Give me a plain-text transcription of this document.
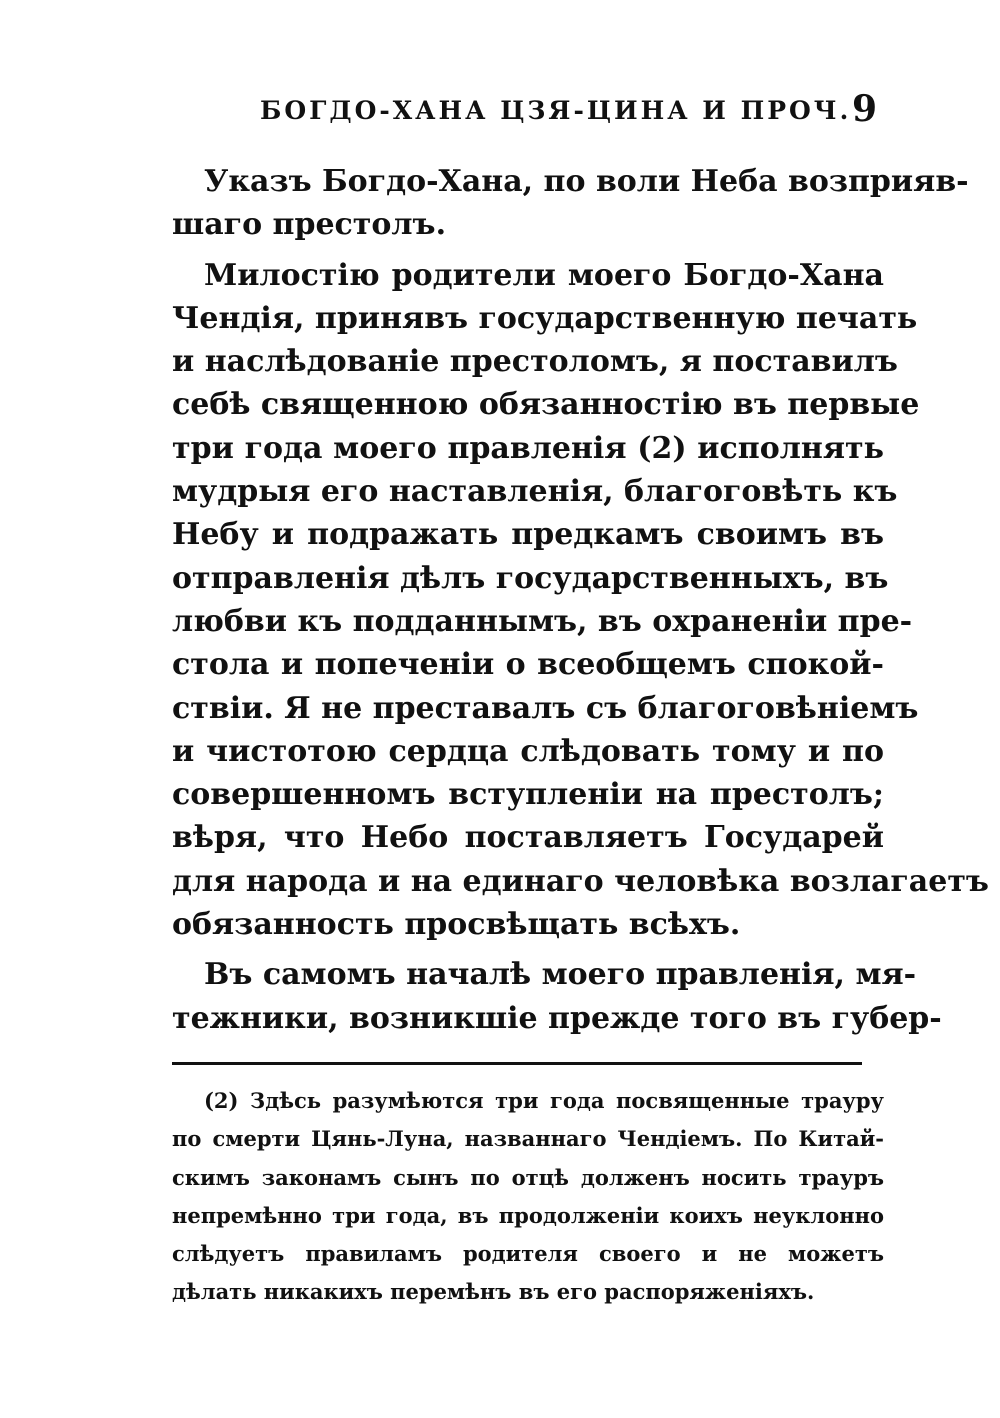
БОГДО-ХАНА ЦЗЯ-ЦИНА И ПРОЧ. 9
Указъ Богдо-Хана, по воли Неба возприяв-
шаго престолъ.
Милостію родители моего Богдо-Хана
Чендія, принявъ государственную печать
и наслѣдованіе престоломъ, я поставилъ
себѣ священною обязанностію въ первые
три года моего правленія (2) исполнять
мудрыя его наставленія, благоговѣть къ
Небу и подражать предкамъ своимъ въ
отправленія дѣлъ государственныхъ, въ
любви къ подданнымъ, въ охраненіи пре-
стола и попеченіи о всеобщемъ спокой-
ствіи. Я не преставалъ съ благоговѣніемъ
и чистотою сердца слѣдовать тому и по
совершенномъ вступленіи на престолъ;
вѣря, что Небо поставляетъ Государей
для народа и на единаго человѣка возлагаетъ
обязанность просвѣщать всѣхъ.
Въ самомъ началѣ моего правленія, мя-
тежники, возникшіе прежде того въ губер-
(2) Здѣсь разумѣются три года посвященные трауру
по смерти Цянь-Луна, названнаго Чендіемъ. По Китай-
скимъ законамъ сынъ по отцѣ долженъ носить трауръ
непремѣнно три года, въ продолженіи коихъ неуклонно
слѣдуетъ правиламъ родителя своего и не можетъ
дѣлать никакихъ перемѣнъ въ его распоряженіяхъ.
